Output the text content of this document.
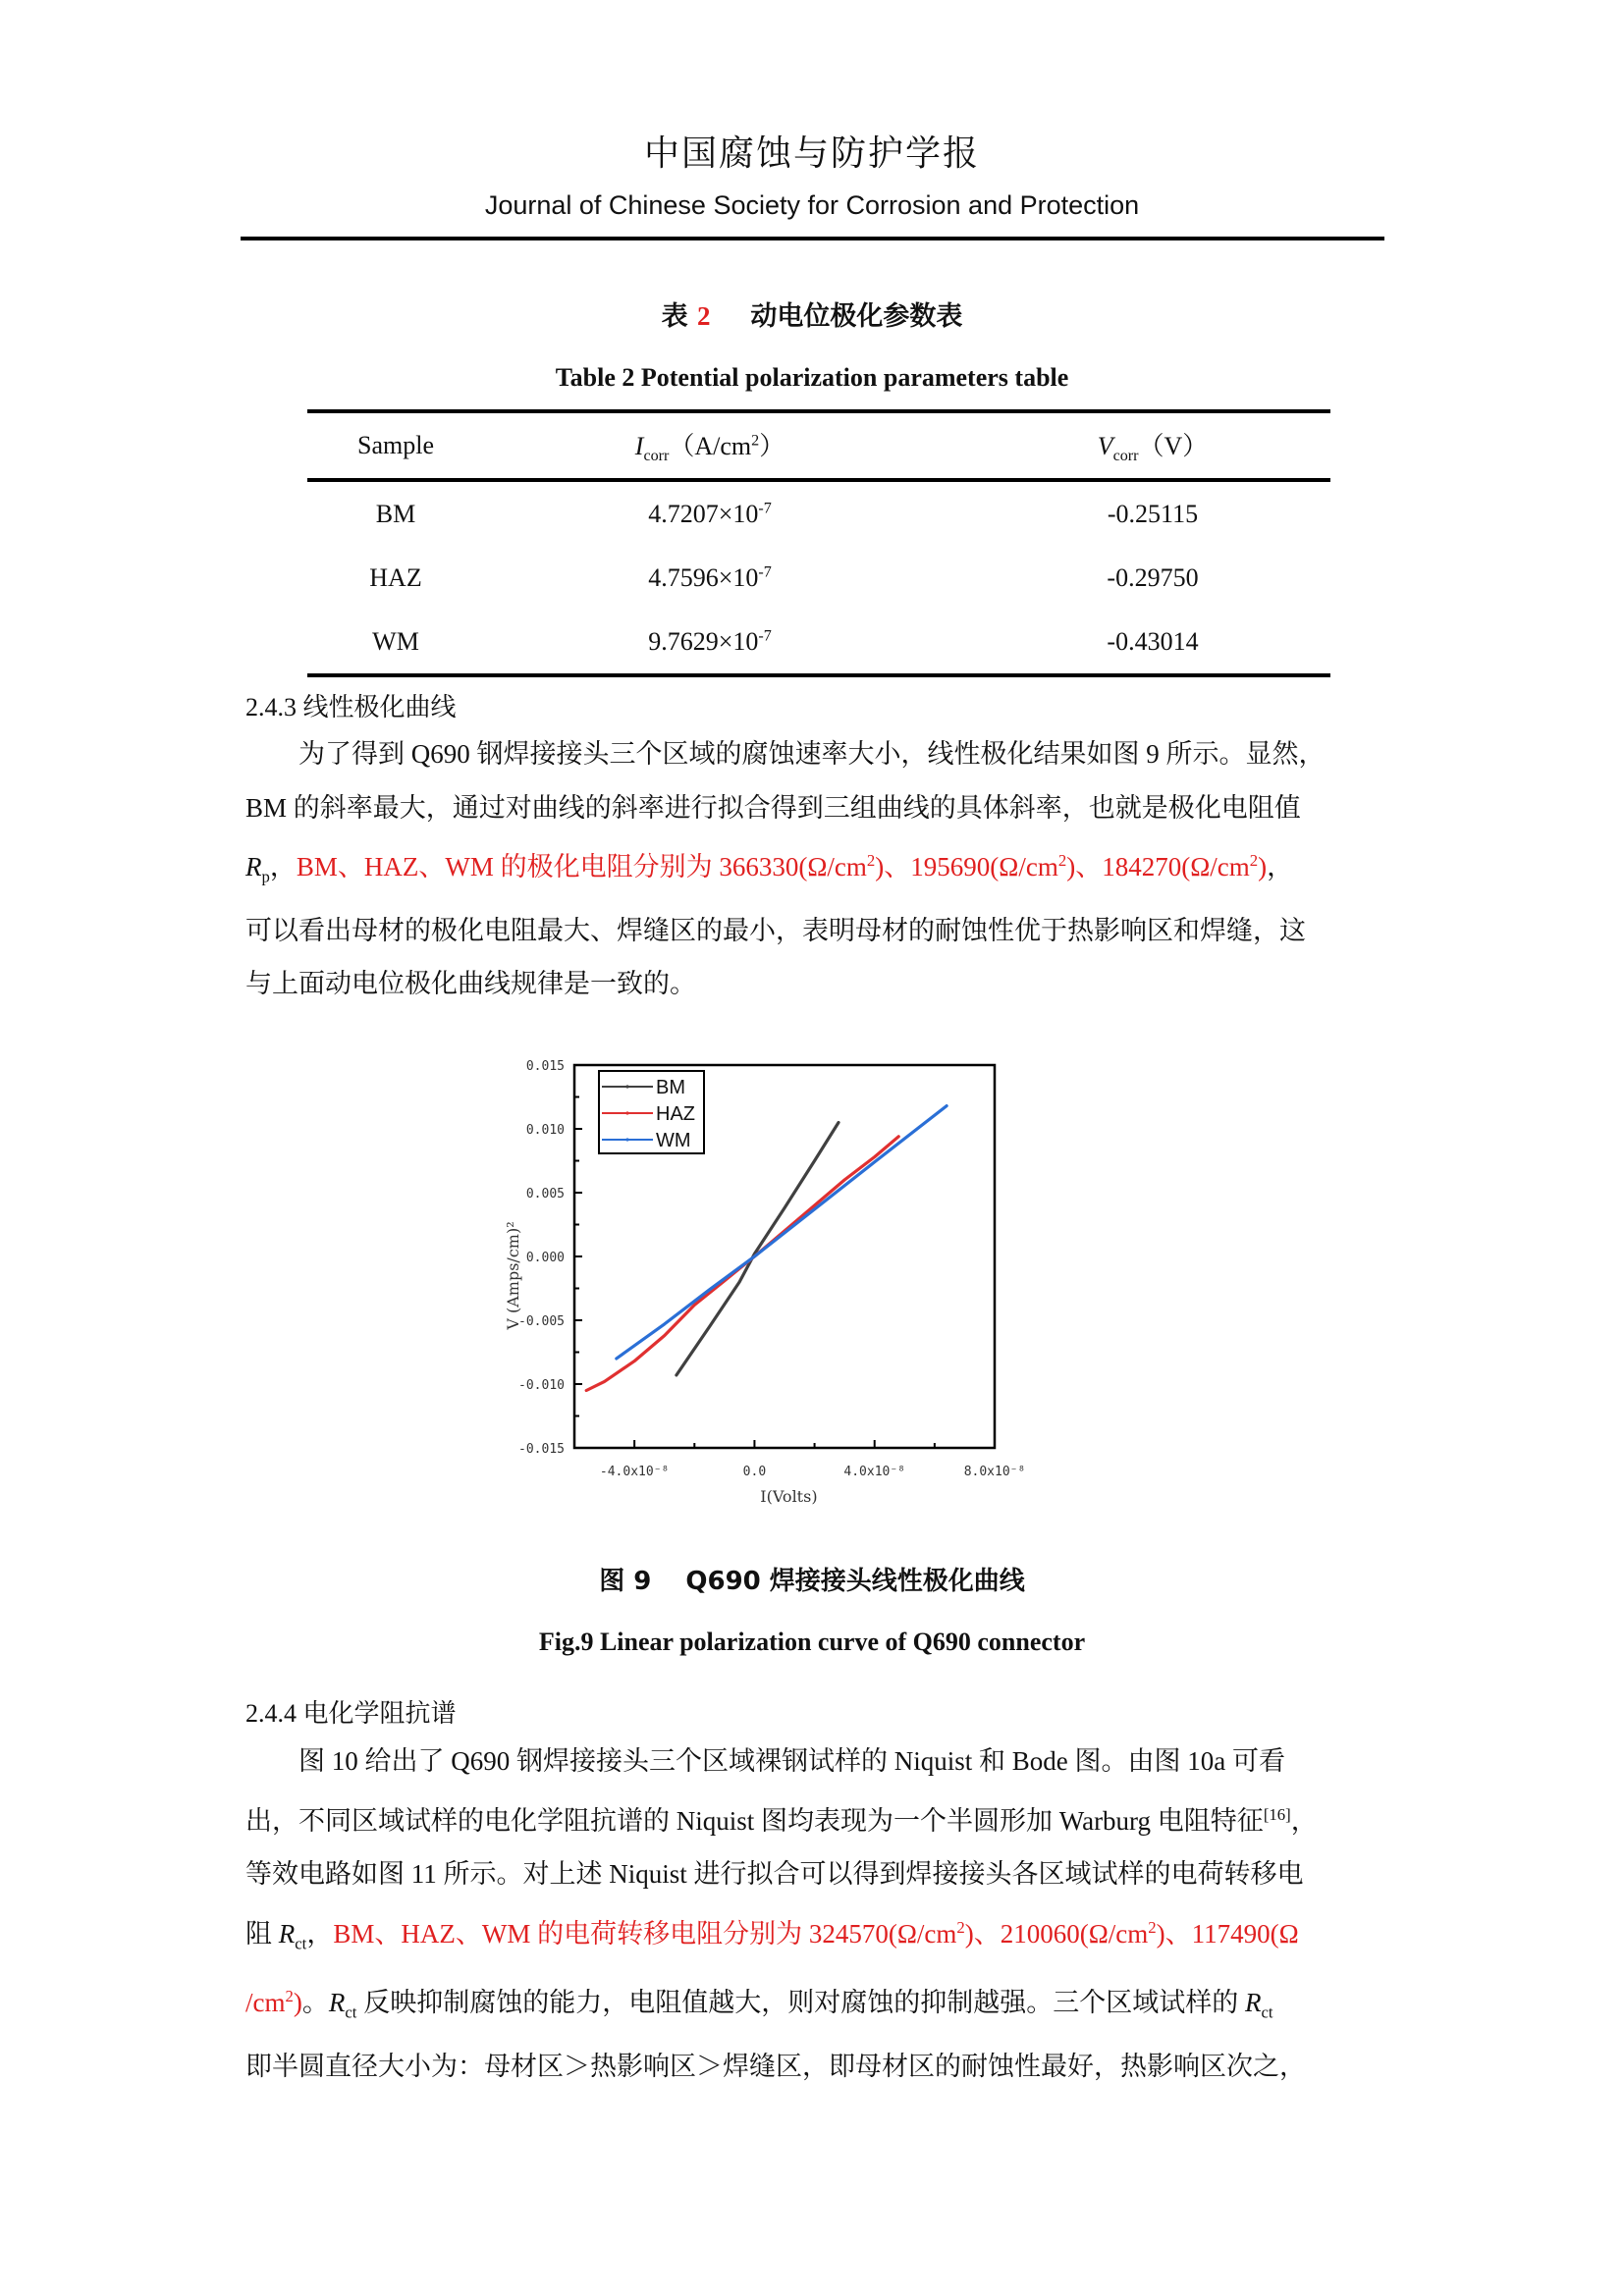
中国腐蚀与防护学报
Journal of Chinese Society for Corrosion and Protection
表 2 动电位极化参数表
Table 2 Potential polarization parameters table
Sample	$I_{corr}(A/cm^2)$	$V_{corr}(V)$
BM	$4.7207\times 10^{-7}$	-0.25115
HAZ	$4.7596\times 10^{-7}$	-0.29750
WM	$9.7629\times 10^{-7}$	-0.43014
2.4.3 线性极化曲线
为了得到 Q690 钢焊接接头三个区域的腐蚀速率大小，线性极化结果如图 9 所示。显然，
BM 的斜率最大，通过对曲线的斜率进行拟合得到三组曲线的具体斜率，也就是极化电阻值
$R_p$，BM、HAZ、WM 的极化电阻分别为 $366330(\Omega/cm^2)$、$195690(\Omega/cm^2)$、$184270(\Omega/cm^2)$，
可以看出母材的极化电阻最大、焊缝区的最小，表明母材的耐蚀性优于热影响区和焊缝，这
与上面动电位极化曲线规律是一致的。
0.015
0.010
0.005
0.000
-0.005
-0.010
-0.015
-4.0x10⁻⁸	0.0	4.0x10⁻⁸	8.0x10⁻⁸
I(Volts)
V (Amps/cm)²
BM
HAZ
WM
图 9　 Q690 焊接接头线性极化曲线
Fig.9 Linear polarization curve of Q690 connector
2.4.4 电化学阻抗谱
图 10 给出了 Q690 钢焊接接头三个区域裸钢试样的 Niquist 和 Bode 图。由图 10a 可看
出，不同区域试样的电化学阻抗谱的 Niquist 图均表现为一个半圆形加 Warburg 电阻特征[16]，
等效电路如图 11 所示。对上述 Niquist 进行拟合可以得到焊接接头各区域试样的电荷转移电
阻 $R_{ct}$，BM、HAZ、WM 的电荷转移电阻分别为 $324570(\Omega/cm^2)$、$210060(\Omega/cm^2)$、117490(Ω
$/cm^2$)。$R_{ct}$ 反映抑制腐蚀的能力，电阻值越大，则对腐蚀的抑制越强。三个区域试样的 $R_{ct}$
即半圆直径大小为：母材区＞热影响区＞焊缝区，即母材区的耐蚀性最好，热影响区次之，
